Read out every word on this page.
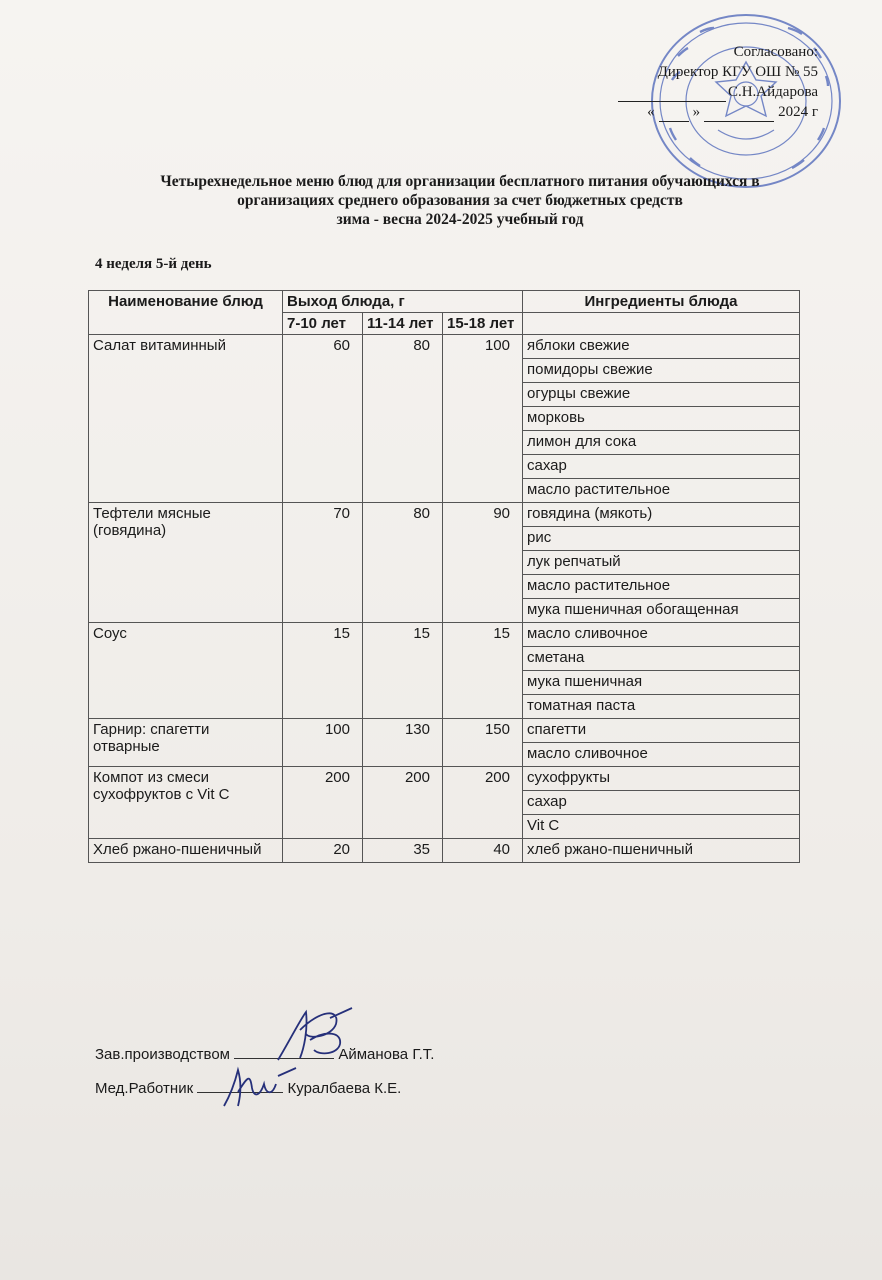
Согласовано:
Директор КГУ ОШ № 55
С.Н.Айдарова
«	»	2024 г
Четырехнедельное меню блюд для организации бесплатного питания обучающихся в
организациях среднего образования за счет бюджетных средств
зима - весна 2024-2025 учебный год
4 неделя 5-й день
Наименование блюд	Выход блюда, г			Ингредиенты блюда
	7-10 лет	11-14 лет	15-18 лет	
Салат витаминный	60	80	100	яблоки свежие
				помидоры свежие
				огурцы свежие
				морковь
				лимон для сока
				сахар
				масло растительное
Тефтели мясные (говядина)	70	80	90	говядина (мякоть)
				рис
				лук репчатый
				масло растительное
				мука пшеничная обогащенная
Соус	15	15	15	масло сливочное
				сметана
				мука пшеничная
				томатная паста
Гарнир: спагетти отварные	100	130	150	спагетти
				масло сливочное
Компот из смеси сухофруктов с Vit C	200	200	200	сухофрукты
				сахар
				Vit C
Хлеб ржано-пшеничный	20	35	40	хлеб ржано-пшеничный
Зав.производством	Айманова Г.Т.
Мед.Работник	Куралбаева К.Е.
